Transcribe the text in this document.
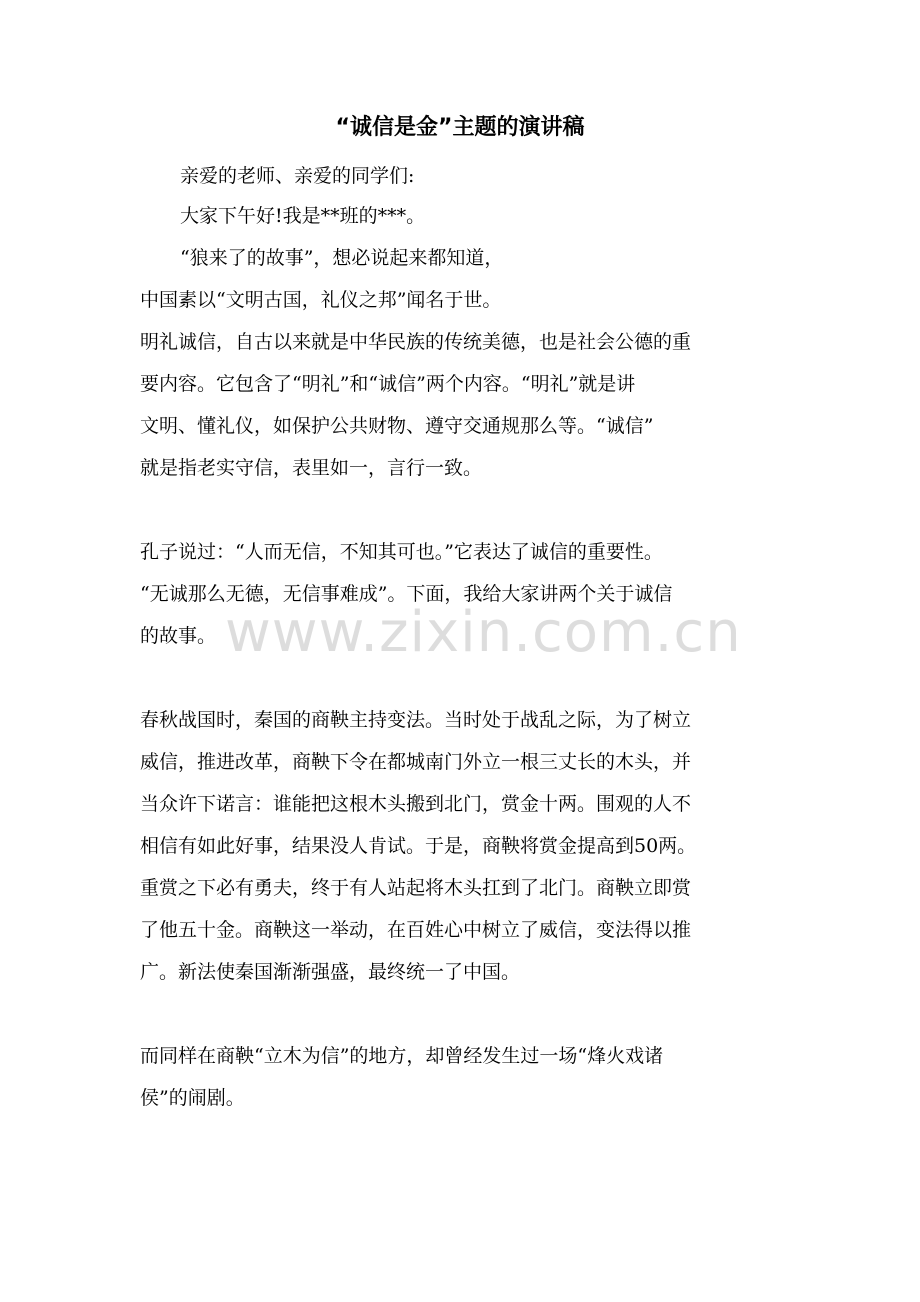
“诚信是金”主题的演讲稿
亲爱的老师、亲爱的同学们:
大家下午好!我是**班的***。
“狼来了的故事”，想必说起来都知道，
中国素以“文明古国，礼仪之邦”闻名于世。
明礼诚信，自古以来就是中华民族的传统美德，也是社会公德的重
要内容。它包含了“明礼”和“诚信”两个内容。“明礼”就是讲
文明、懂礼仪，如保护公共财物、遵守交通规那么等。“诚信”
就是指老实守信，表里如一，言行一致。
孔子说过：“人而无信，不知其可也。”它表达了诚信的重要性。
“无诚那么无德，无信事难成”。下面，我给大家讲两个关于诚信
的故事。
春秋战国时，秦国的商鞅主持变法。当时处于战乱之际，为了树立
威信，推进改革，商鞅下令在都城南门外立一根三丈长的木头，并
当众许下诺言：谁能把这根木头搬到北门，赏金十两。围观的人不
相信有如此好事，结果没人肯试。于是，商鞅将赏金提高到50两。
重赏之下必有勇夫，终于有人站起将木头扛到了北门。商鞅立即赏
了他五十金。商鞅这一举动，在百姓心中树立了威信，变法得以推
广。新法使秦国渐渐强盛，最终统一了中国。
而同样在商鞅“立木为信”的地方，却曾经发生过一场“烽火戏诸
侯”的闹剧。
www.zixin.com.cn
